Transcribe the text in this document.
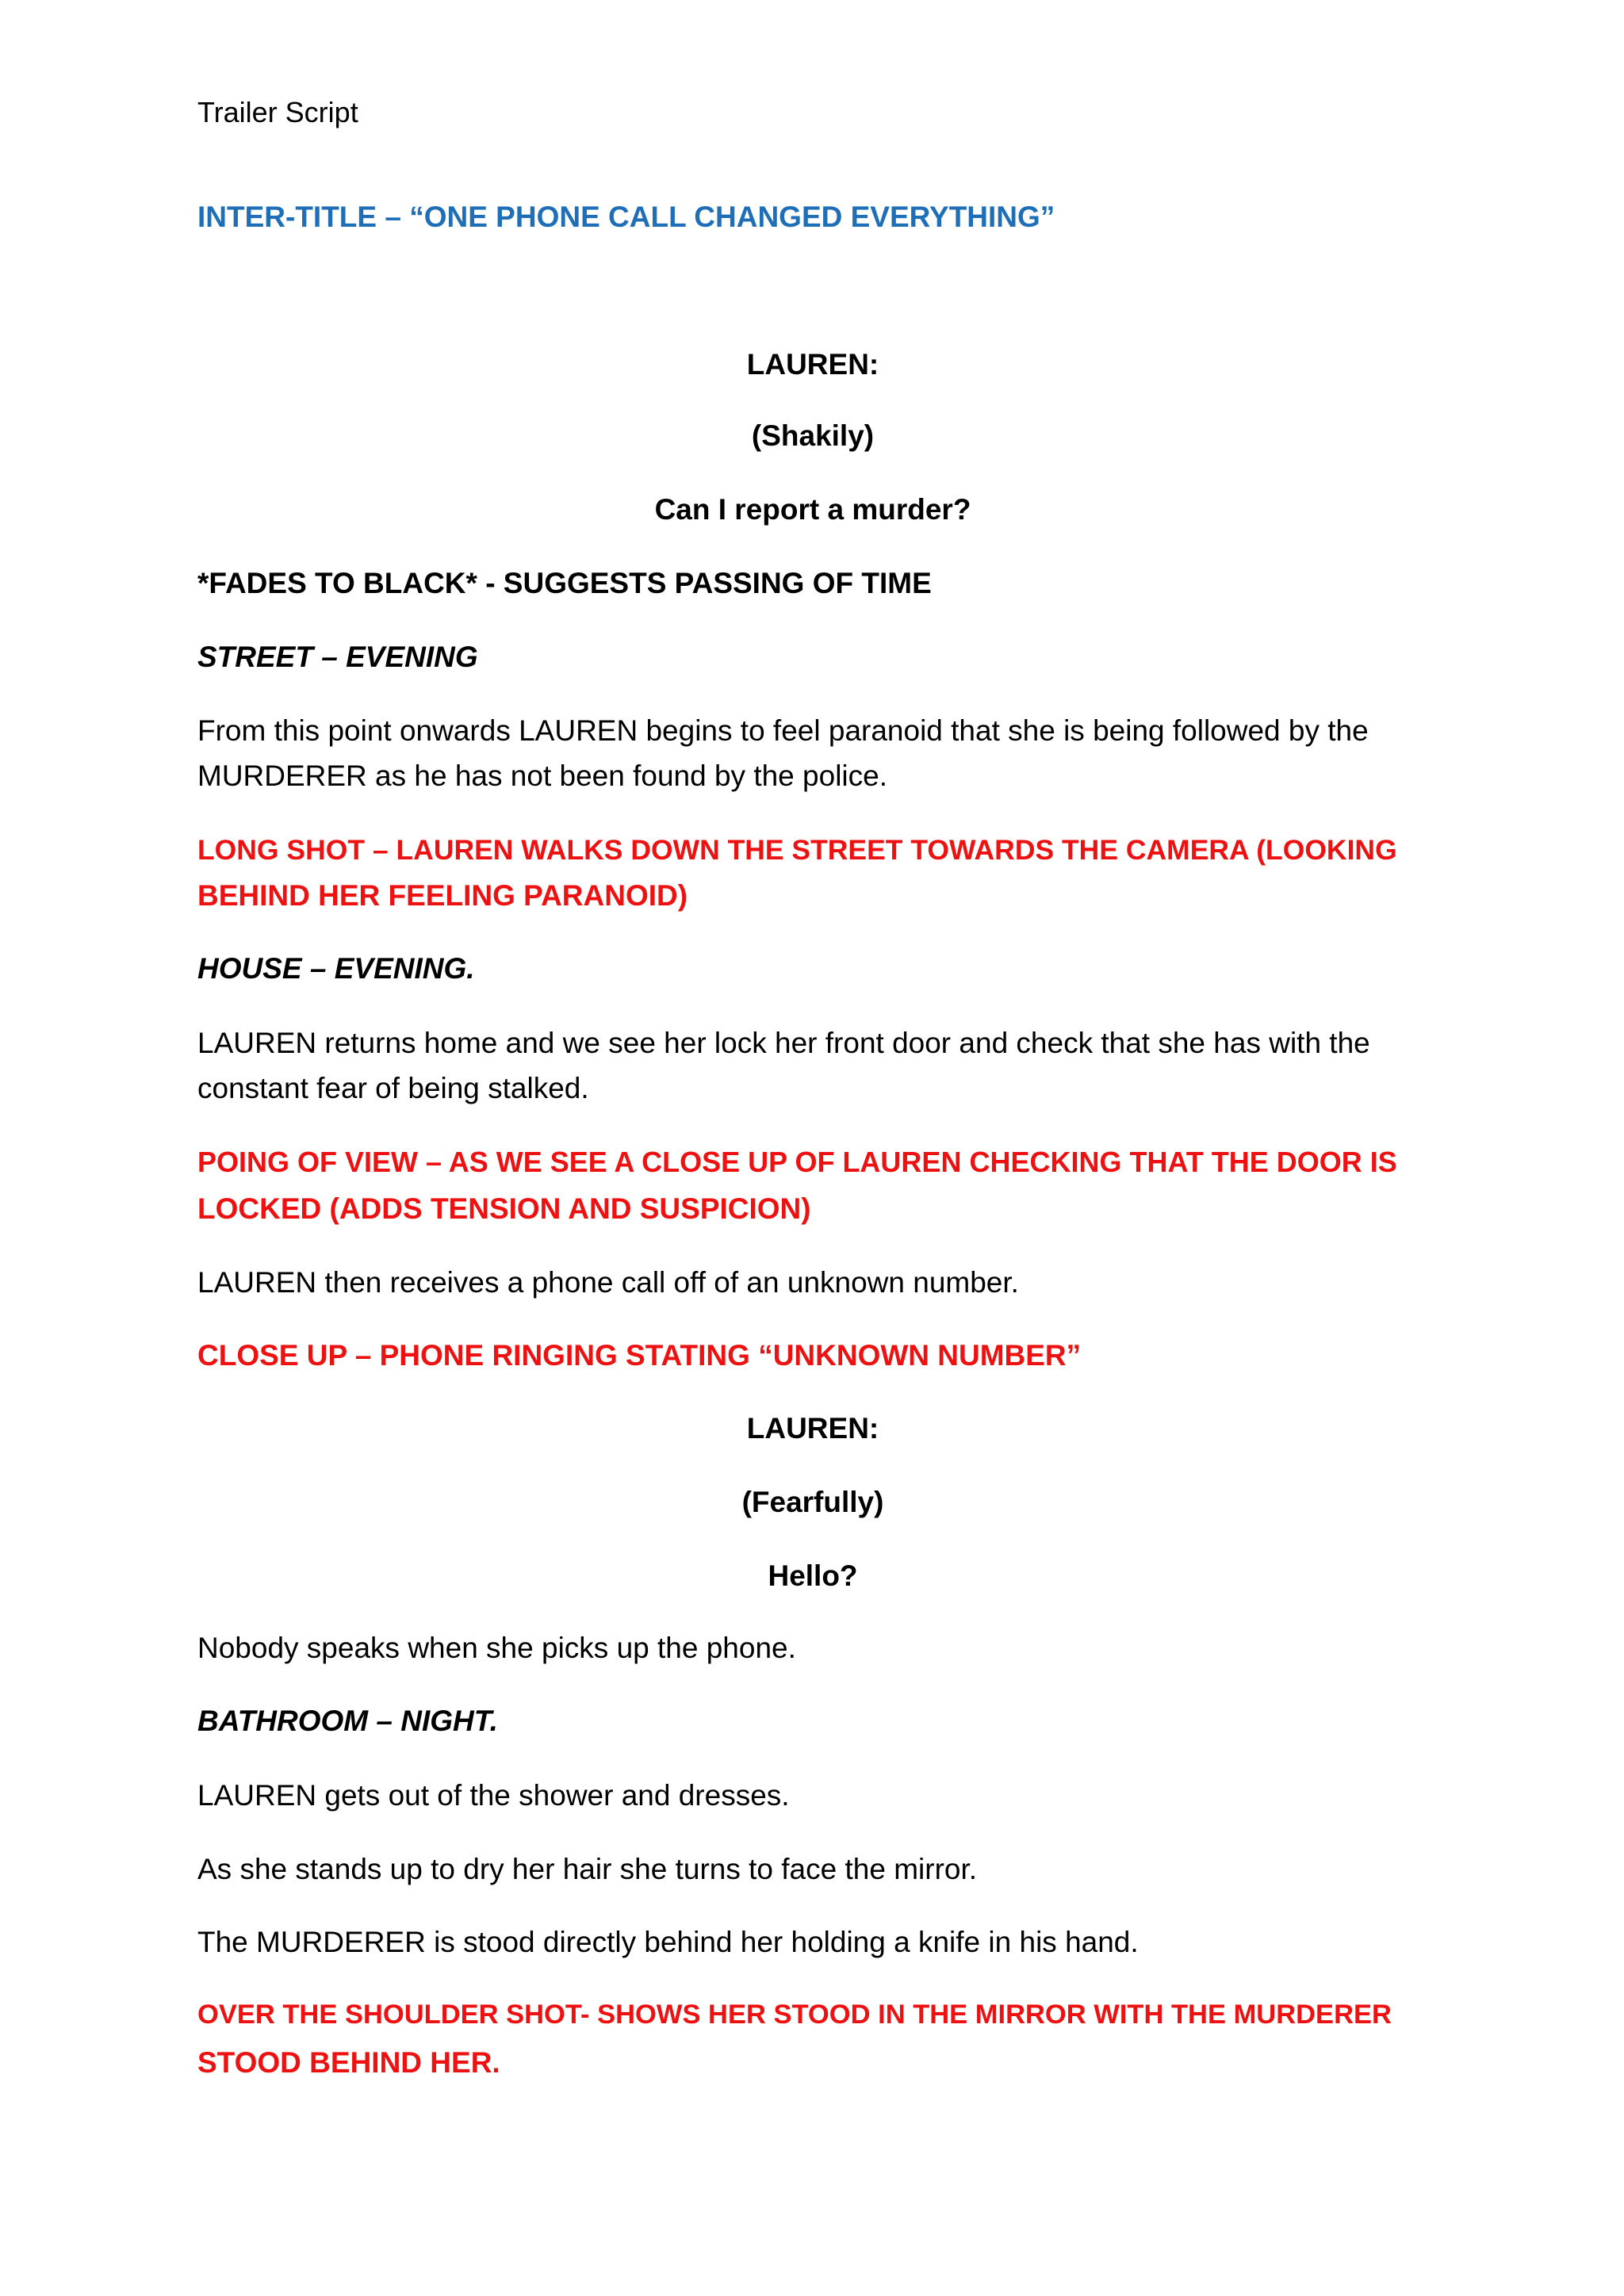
Trailer Script

INTER-TITLE – “ONE PHONE CALL CHANGED EVERYTHING”

LAUREN:

(Shakily)

Can I report a murder?

*FADES TO BLACK* - SUGGESTS PASSING OF TIME

STREET – EVENING

From this point onwards LAUREN begins to feel paranoid that she is being followed by the

MURDERER as he has not been found by the police.

LONG SHOT – LAUREN WALKS DOWN THE STREET TOWARDS THE CAMERA (LOOKING

BEHIND HER FEELING PARANOID)

HOUSE – EVENING.

LAUREN returns home and we see her lock her front door and check that she has with the

constant fear of being stalked.

POING OF VIEW – AS WE SEE A CLOSE UP OF LAUREN CHECKING THAT THE DOOR IS

LOCKED (ADDS TENSION AND SUSPICION)

LAUREN then receives a phone call off of an unknown number.

CLOSE UP – PHONE RINGING STATING “UNKNOWN NUMBER”

LAUREN:

(Fearfully)

Hello?

Nobody speaks when she picks up the phone.

BATHROOM – NIGHT.

LAUREN gets out of the shower and dresses.

As she stands up to dry her hair she turns to face the mirror.

The MURDERER is stood directly behind her holding a knife in his hand.

OVER THE SHOULDER SHOT- SHOWS HER STOOD IN THE MIRROR WITH THE MURDERER

STOOD BEHIND HER.
